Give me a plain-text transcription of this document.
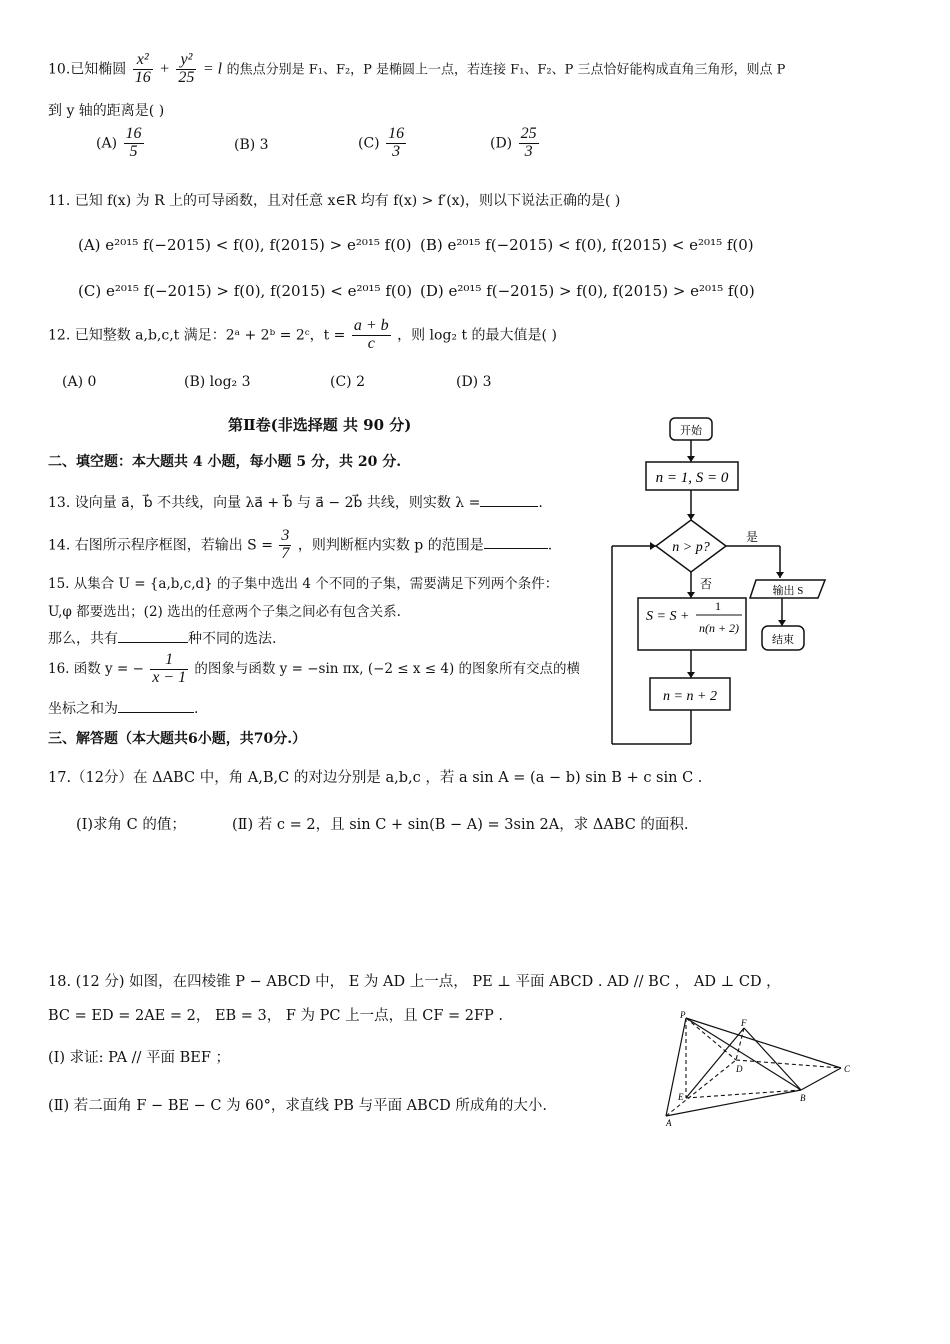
10.已知椭圆 $\frac{\text{x²}}{16} + \frac{\text{y²}}{25} = l$ 的焦点分别是 F₁、F₂，P 是椭圆上一点，若连接 F₁、F₂、P 三点恰好能构成直角三角形，则点 P
到 y 轴的距离是( )
$(A) \frac{16}{5}$	(B) 3	$(C) \frac{16}{3}$	$(D) \frac{25}{3}$
11. 已知 f(x) 为 R 上的可导函数，且对任意 x∈R 均有 f(x) > f′(x)，则以下说法正确的是( )
(A) e²⁰¹⁵ f(−2015) < f(0), f(2015) > e²⁰¹⁵ f(0) (B) e²⁰¹⁵ f(−2015) < f(0), f(2015) < e²⁰¹⁵ f(0)
(C) e²⁰¹⁵ f(−2015) > f(0), f(2015) < e²⁰¹⁵ f(0) (D) e²⁰¹⁵ f(−2015) > f(0), f(2015) > e²⁰¹⁵ f(0)
12. 已知整数 a,b,c,t 满足：2ᵃ + 2ᵇ = 2ᶜ，$t = \frac{a + b}{c}$ ，则 log₂ t 的最大值是( )
(A) 0	(B) log₂ 3	(C) 2	(D) 3
第Ⅱ卷(非选择题 共 90 分)
二、填空题：本大题共 4 小题，每小题 5 分，共 20 分.
13. 设向量 a⃗，b⃗ 不共线，向量 λa⃗ + b⃗ 与 a⃗ − 2b⃗ 共线，则实数 λ =	.
14. 右图所示程序框图，若输出 $S = \frac{3}{7}$ ，则判断框内实数 p 的范围是	.
15. 从集合 U = {a,b,c,d} 的子集中选出 4 个不同的子集，需要满足下列两个条件：
U,φ 都要选出；(2) 选出的任意两个子集之间必有包含关系.
那么，共有	种不同的选法.
16. 函数 y = − $\frac{1}{x - 1}$ 的图象与函数 y = −sin πx, (−2 ≤ x ≤ 4) 的图象所有交点的横
坐标之和为	.
三、解答题（本大题共6小题，共70分.）
开始
n = 1, S = 0
n > p?
是
否	输出 S
结束
S = S +
1
n(n + 2)
n = n + 2
17.（12分）在 ΔABC 中，角 A,B,C 的对边分别是 a,b,c ，若 a sin A = (a − b) sin B + c sin C .
(Ⅰ)求角 C 的值；	(Ⅱ) 若 c = 2，且 sin C + sin(B − A) = 3sin 2A，求 ΔABC 的面积.
18. (12 分) 如图，在四棱锥 P − ABCD 中， E 为 AD 上一点， PE ⊥ 平面 ABCD . AD // BC ， AD ⊥ CD ，
BC = ED = 2AE = 2， EB = 3， F 为 PC 上一点，且 CF = 2FP .
(Ⅰ) 求证: PA // 平面 BEF ；
(Ⅱ) 若二面角 F − BE − C 为 60°，求直线 PB 与平面 ABCD 所成角的大小.
P
F
D	C
E	B
A
